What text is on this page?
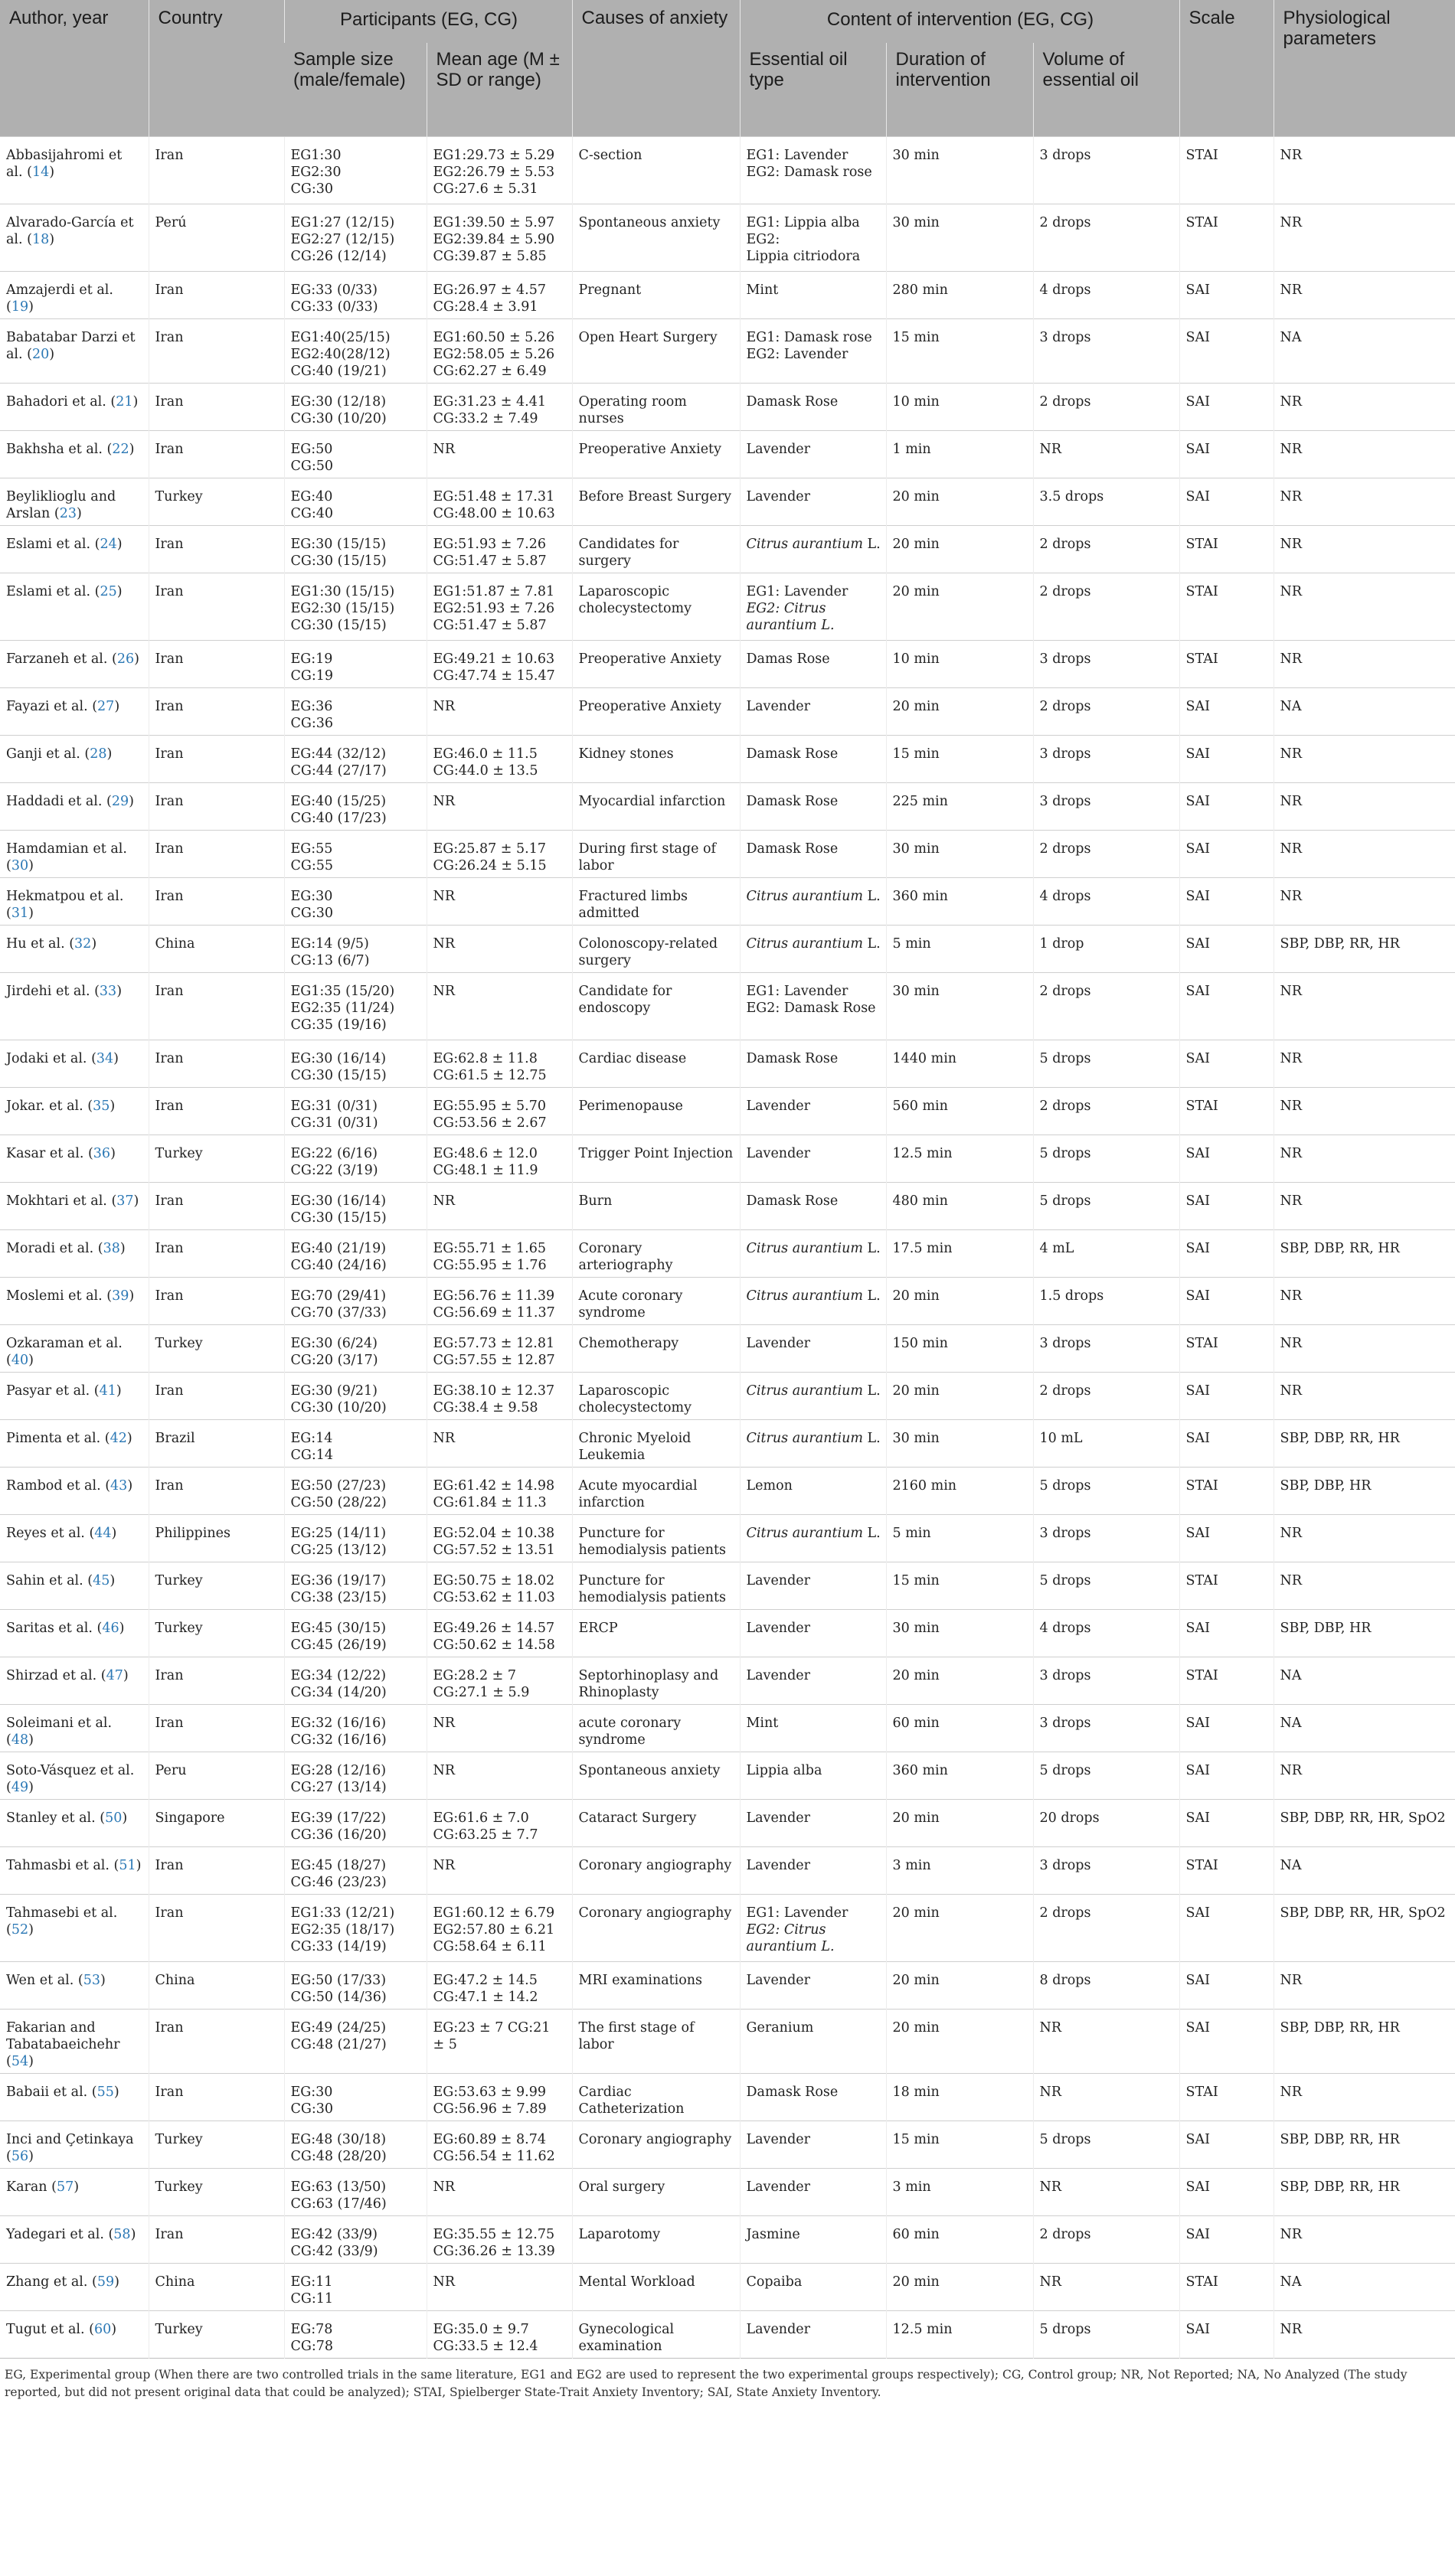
Author, year	Country	Participants (EG, CG)		Causes of anxiety	Content of intervention (EG, CG)			Scale	Physiological parameters
		Sample size (male/female)	Mean age (M ± SD or range)		Essential oil type	Duration of intervention	Volume of essential oil		
Abbasijahromi et al. (14)	Iran	EG1:30
EG2:30
CG:30	EG1:29.73 ± 5.29
EG2:26.79 ± 5.53
CG:27.6 ± 5.31	C-section	EG1: Lavender
EG2: Damask rose	30 min	3 drops	STAI	NR
Alvarado-García et al. (18)	Perú	EG1:27 (12/15)
EG2:27 (12/15)
CG:26 (12/14)	EG1:39.50 ± 5.97
EG2:39.84 ± 5.90
CG:39.87 ± 5.85	Spontaneous anxiety	EG1: Lippia alba
EG2:
Lippia citriodora	30 min	2 drops	STAI	NR
Amzajerdi et al. (19)	Iran	EG:33 (0/33)
CG:33 (0/33)	EG:26.97 ± 4.57
CG:28.4 ± 3.91	Pregnant	Mint	280 min	4 drops	SAI	NR
Babatabar Darzi et al. (20)	Iran	EG1:40(25/15)
EG2:40(28/12)
CG:40 (19/21)	EG1:60.50 ± 5.26
EG2:58.05 ± 5.26
CG:62.27 ± 6.49	Open Heart Surgery	EG1: Damask rose
EG2: Lavender	15 min	3 drops	SAI	NA
Bahadori et al. (21)	Iran	EG:30 (12/18)
CG:30 (10/20)	EG:31.23 ± 4.41
CG:33.2 ± 7.49	Operating room nurses	Damask Rose	10 min	2 drops	SAI	NR
Bakhsha et al. (22)	Iran	EG:50
CG:50	NR	Preoperative Anxiety	Lavender	1 min	NR	SAI	NR
Beyliklioglu and Arslan (23)	Turkey	EG:40
CG:40	EG:51.48 ± 17.31
CG:48.00 ± 10.63	Before Breast Surgery	Lavender	20 min	3.5 drops	SAI	NR
Eslami et al. (24)	Iran	EG:30 (15/15)
CG:30 (15/15)	EG:51.93 ± 7.26
CG:51.47 ± 5.87	Candidates for surgery	Citrus aurantium L.	20 min	2 drops	STAI	NR
Eslami et al. (25)	Iran	EG1:30 (15/15)
EG2:30 (15/15)
CG:30 (15/15)	EG1:51.87 ± 7.81
EG2:51.93 ± 7.26
CG:51.47 ± 5.87	Laparoscopic cholecystectomy	EG1: Lavender
EG2: Citrus
aurantium L.	20 min	2 drops	STAI	NR
Farzaneh et al. (26)	Iran	EG:19
CG:19	EG:49.21 ± 10.63
CG:47.74 ± 15.47	Preoperative Anxiety	Damas Rose	10 min	3 drops	STAI	NR
Fayazi et al. (27)	Iran	EG:36
CG:36	NR	Preoperative Anxiety	Lavender	20 min	2 drops	SAI	NA
Ganji et al. (28)	Iran	EG:44 (32/12)
CG:44 (27/17)	EG:46.0 ± 11.5
CG:44.0 ± 13.5	Kidney stones	Damask Rose	15 min	3 drops	SAI	NR
Haddadi et al. (29)	Iran	EG:40 (15/25)
CG:40 (17/23)	NR	Myocardial infarction	Damask Rose	225 min	3 drops	SAI	NR
Hamdamian et al. (30)	Iran	EG:55
CG:55	EG:25.87 ± 5.17
CG:26.24 ± 5.15	During first stage of labor	Damask Rose	30 min	2 drops	SAI	NR
Hekmatpou et al. (31)	Iran	EG:30
CG:30	NR	Fractured limbs admitted	Citrus aurantium L.	360 min	4 drops	SAI	NR
Hu et al. (32)	China	EG:14 (9/5)
CG:13 (6/7)	NR	Colonoscopy-related surgery	Citrus aurantium L.	5 min	1 drop	SAI	SBP, DBP, RR, HR
Jirdehi et al. (33)	Iran	EG1:35 (15/20)
EG2:35 (11/24)
CG:35 (19/16)	NR	Candidate for endoscopy	EG1: Lavender
EG2: Damask Rose	30 min	2 drops	SAI	NR
Jodaki et al. (34)	Iran	EG:30 (16/14)
CG:30 (15/15)	EG:62.8 ± 11.8
CG:61.5 ± 12.75	Cardiac disease	Damask Rose	1440 min	5 drops	SAI	NR
Jokar. et al. (35)	Iran	EG:31 (0/31)
CG:31 (0/31)	EG:55.95 ± 5.70
CG:53.56 ± 2.67	Perimenopause	Lavender	560 min	2 drops	STAI	NR
Kasar et al. (36)	Turkey	EG:22 (6/16)
CG:22 (3/19)	EG:48.6 ± 12.0
CG:48.1 ± 11.9	Trigger Point Injection	Lavender	12.5 min	5 drops	SAI	NR
Mokhtari et al. (37)	Iran	EG:30 (16/14)
CG:30 (15/15)	NR	Burn	Damask Rose	480 min	5 drops	SAI	NR
Moradi et al. (38)	Iran	EG:40 (21/19)
CG:40 (24/16)	EG:55.71 ± 1.65
CG:55.95 ± 1.76	Coronary arteriography	Citrus aurantium L.	17.5 min	4 mL	SAI	SBP, DBP, RR, HR
Moslemi et al. (39)	Iran	EG:70 (29/41)
CG:70 (37/33)	EG:56.76 ± 11.39
CG:56.69 ± 11.37	Acute coronary syndrome	Citrus aurantium L.	20 min	1.5 drops	SAI	NR
Ozkaraman et al. (40)	Turkey	EG:30 (6/24)
CG:20 (3/17)	EG:57.73 ± 12.81
CG:57.55 ± 12.87	Chemotherapy	Lavender	150 min	3 drops	STAI	NR
Pasyar et al. (41)	Iran	EG:30 (9/21)
CG:30 (10/20)	EG:38.10 ± 12.37
CG:38.4 ± 9.58	Laparoscopic cholecystectomy	Citrus aurantium L.	20 min	2 drops	SAI	NR
Pimenta et al. (42)	Brazil	EG:14
CG:14	NR	Chronic Myeloid Leukemia	Citrus aurantium L.	30 min	10 mL	SAI	SBP, DBP, RR, HR
Rambod et al. (43)	Iran	EG:50 (27/23)
CG:50 (28/22)	EG:61.42 ± 14.98
CG:61.84 ± 11.3	Acute myocardial infarction	Lemon	2160 min	5 drops	STAI	SBP, DBP, HR
Reyes et al. (44)	Philippines	EG:25 (14/11)
CG:25 (13/12)	EG:52.04 ± 10.38
CG:57.52 ± 13.51	Puncture for hemodialysis patients	Citrus aurantium L.	5 min	3 drops	SAI	NR
Sahin et al. (45)	Turkey	EG:36 (19/17)
CG:38 (23/15)	EG:50.75 ± 18.02
CG:53.62 ± 11.03	Puncture for hemodialysis patients	Lavender	15 min	5 drops	STAI	NR
Saritas et al. (46)	Turkey	EG:45 (30/15)
CG:45 (26/19)	EG:49.26 ± 14.57
CG:50.62 ± 14.58	ERCP	Lavender	30 min	4 drops	SAI	SBP, DBP, HR
Shirzad et al. (47)	Iran	EG:34 (12/22)
CG:34 (14/20)	EG:28.2 ± 7
CG:27.1 ± 5.9	Septorhinoplasy and Rhinoplasty	Lavender	20 min	3 drops	STAI	NA
Soleimani et al. (48)	Iran	EG:32 (16/16)
CG:32 (16/16)	NR	acute coronary syndrome	Mint	60 min	3 drops	SAI	NA
Soto-Vásquez et al. (49)	Peru	EG:28 (12/16)
CG:27 (13/14)	NR	Spontaneous anxiety	Lippia alba	360 min	5 drops	SAI	NR
Stanley et al. (50)	Singapore	EG:39 (17/22)
CG:36 (16/20)	EG:61.6 ± 7.0
CG:63.25 ± 7.7	Cataract Surgery	Lavender	20 min	20 drops	SAI	SBP, DBP, RR, HR, SpO2
Tahmasbi et al. (51)	Iran	EG:45 (18/27)
CG:46 (23/23)	NR	Coronary angiography	Lavender	3 min	3 drops	STAI	NA
Tahmasebi et al. (52)	Iran	EG1:33 (12/21)
EG2:35 (18/17)
CG:33 (14/19)	EG1:60.12 ± 6.79
EG2:57.80 ± 6.21
CG:58.64 ± 6.11	Coronary angiography	EG1: Lavender
EG2: Citrus
aurantium L.	20 min	2 drops	SAI	SBP, DBP, RR, HR, SpO2
Wen et al. (53)	China	EG:50 (17/33)
CG:50 (14/36)	EG:47.2 ± 14.5
CG:47.1 ± 14.2	MRI examinations	Lavender	20 min	8 drops	SAI	NR
Fakarian and Tabatabaeichehr (54)	Iran	EG:49 (24/25)
CG:48 (21/27)	EG:23 ± 7 CG:21
± 5	The first stage of labor	Geranium	20 min	NR	SAI	SBP, DBP, RR, HR
Babaii et al. (55)	Iran	EG:30
CG:30	EG:53.63 ± 9.99
CG:56.96 ± 7.89	Cardiac Catheterization	Damask Rose	18 min	NR	STAI	NR
Inci and Çetinkaya (56)	Turkey	EG:48 (30/18)
CG:48 (28/20)	EG:60.89 ± 8.74
CG:56.54 ± 11.62	Coronary angiography	Lavender	15 min	5 drops	SAI	SBP, DBP, RR, HR
Karan (57)	Turkey	EG:63 (13/50)
CG:63 (17/46)	NR	Oral surgery	Lavender	3 min	NR	SAI	SBP, DBP, RR, HR
Yadegari et al. (58)	Iran	EG:42 (33/9)
CG:42 (33/9)	EG:35.55 ± 12.75
CG:36.26 ± 13.39	Laparotomy	Jasmine	60 min	2 drops	SAI	NR
Zhang et al. (59)	China	EG:11
CG:11	NR	Mental Workload	Copaiba	20 min	NR	STAI	NA
Tugut et al. (60)	Turkey	EG:78
CG:78	EG:35.0 ± 9.7
CG:33.5 ± 12.4	Gynecological examination	Lavender	12.5 min	5 drops	SAI	NR
EG, Experimental group (When there are two controlled trials in the same literature, EG1 and EG2 are used to represent the two experimental groups respectively); CG, Control group; NR, Not Reported; NA, No Analyzed (The study reported, but did not present original data that could be analyzed); STAI, Spielberger State-Trait Anxiety Inventory; SAI, State Anxiety Inventory.									
